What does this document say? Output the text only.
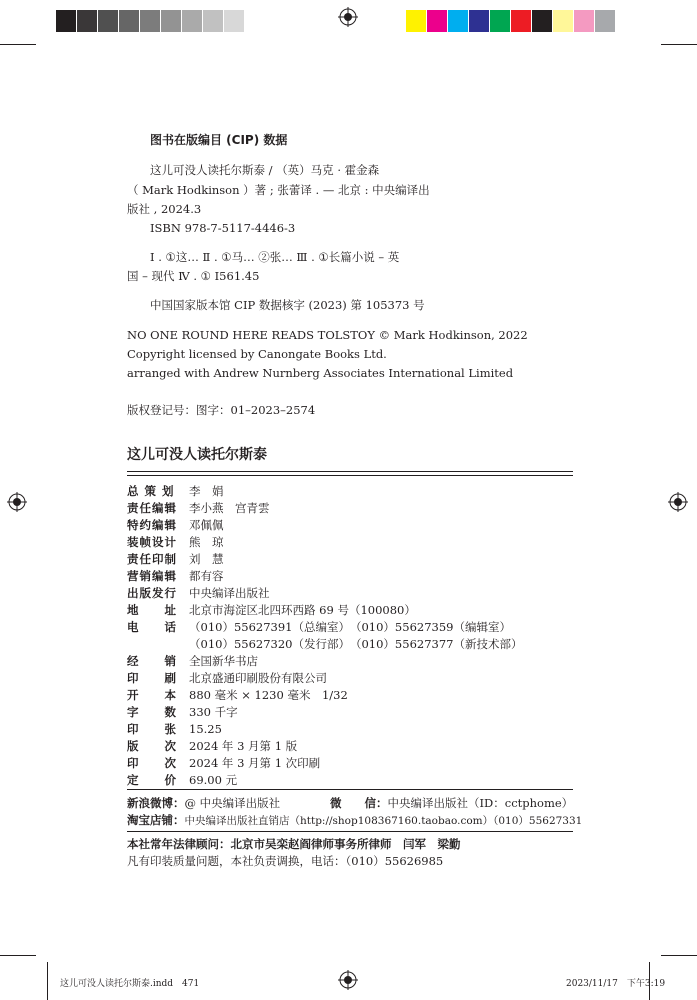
图书在版编目 (CIP) 数据
这儿可没人读托尔斯泰 / （英）马克 · 霍金森
（ Mark Hodkinson ）著 ; 张蕾译 . — 北京 : 中央编译出
版社 , 2024.3
ISBN 978-7-5117-4446-3
Ⅰ . ①这… Ⅱ . ①马… ②张… Ⅲ . ①长篇小说 – 英
国 – 现代 Ⅳ . ① I561.45
中国国家版本馆 CIP 数据核字 (2023) 第 105373 号
NO ONE ROUND HERE READS TOLSTOY © Mark Hodkinson, 2022
Copyright licensed by Canongate Books Ltd.
arranged with Andrew Nurnberg Associates International Limited
版权登记号：图字：01–2023–2574
这儿可没人读托尔斯泰
总 策 划 李　娟
责任编辑 李小燕　宫青雲
特约编辑 邓佩佩
装帧设计 熊　琼
责任印制 刘　慧
营销编辑 都有容
出版发行 中央编译出版社
地　　址 北京市海淀区北四环西路 69 号（100080）
电　　话 （010）55627391（总编室）　（010）55627359（编辑室）
（010）55627320（发行部）　（010）55627377（新技术部）
经　　销 全国新华书店
印　　刷 北京盛通印刷股份有限公司
开　　本 880 毫米 × 1230 毫米　1/32
字　　数 330 千字
印　　张 15.25
版　　次 2024 年 3 月第 1 版
印　　次 2024 年 3 月第 1 次印刷
定　　价 69.00 元
新浪微博：@ 中央编译出版社	微　　信：中央编译出版社（ID：cctphome）
淘宝店铺：中央编译出版社直销店（http://shop108367160.taobao.com）（010）55627331
本社常年法律顾问：北京市吴栾赵阎律师事务所律师　闫军　梁勤
凡有印装质量问题，本社负责调换，电话：（010）55626985
这儿可没人读托尔斯泰.indd　471	2023/11/17　下午3:19
